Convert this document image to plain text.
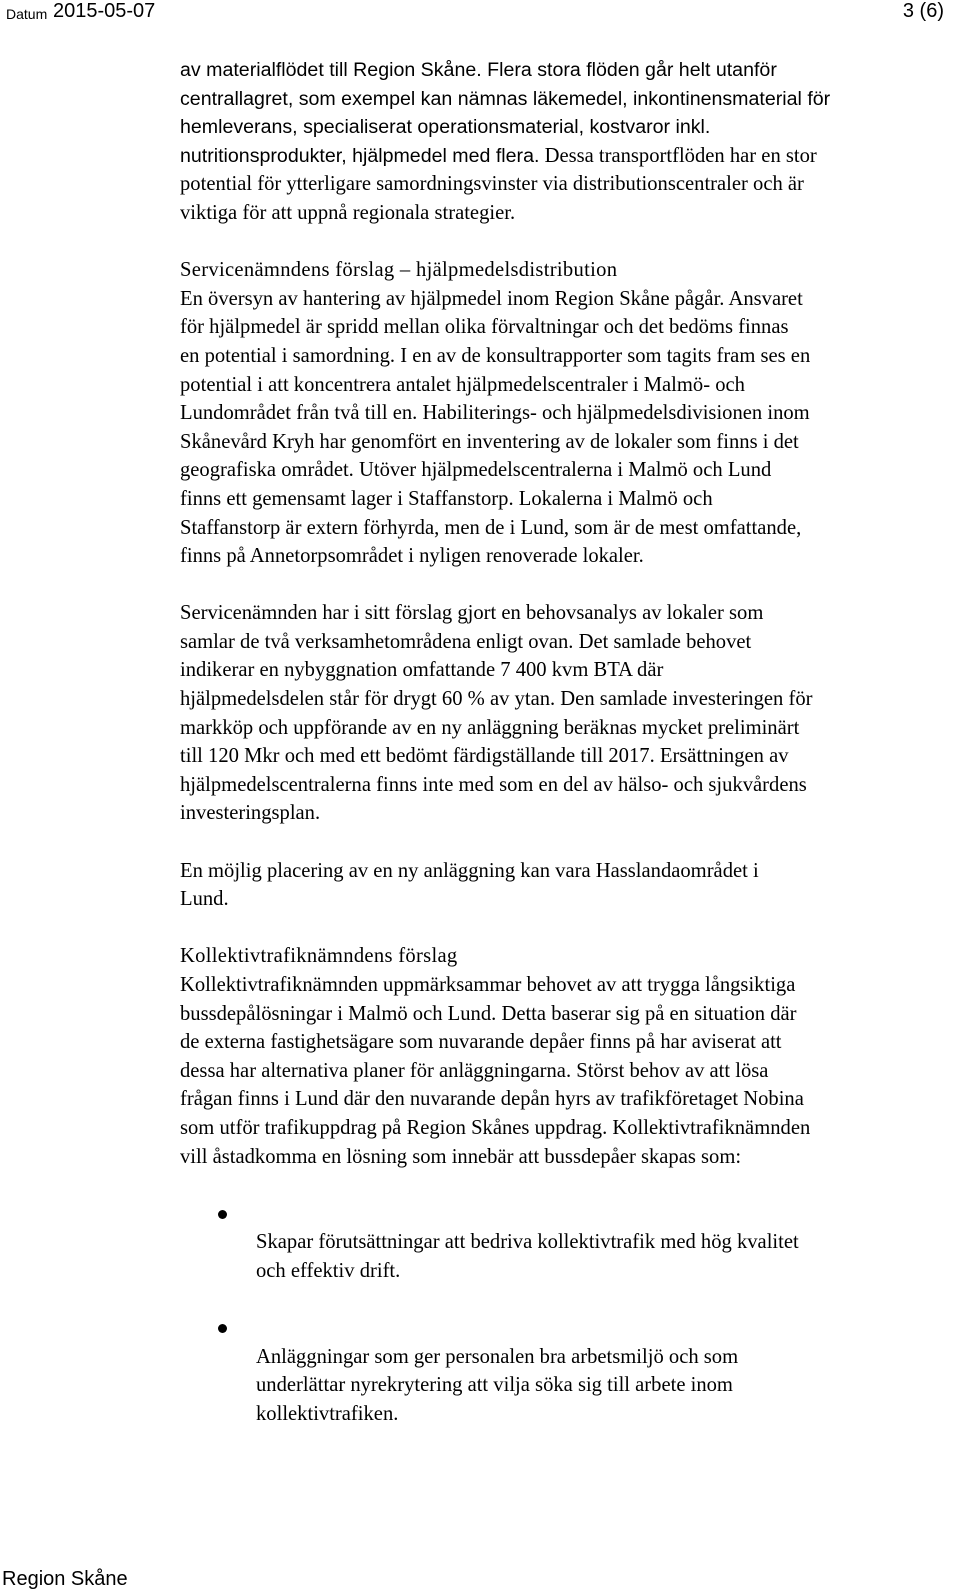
Datum 2015-05-07	3 (6)

av materialflödet till Region Skåne. Flera stora flöden går helt utanför
centrallagret, som exempel kan nämnas läkemedel, inkontinensmaterial för
hemleverans, specialiserat operationsmaterial, kostvaror inkl.
nutritionsprodukter, hjälpmedel med flera. Dessa transportflöden har en stor
potential för ytterligare samordningsvinster via distributionscentraler och är
viktiga för att uppnå regionala strategier.

Servicenämndens förslag – hjälpmedelsdistribution
En översyn av hantering av hjälpmedel inom Region Skåne pågår. Ansvaret
för hjälpmedel är spridd mellan olika förvaltningar och det bedöms finnas
en potential i samordning. I en av de konsultrapporter som tagits fram ses en
potential i att koncentrera antalet hjälpmedelscentraler i Malmö- och
Lundområdet från två till en. Habiliterings- och hjälpmedelsdivisionen inom
Skånevård Kryh har genomfört en inventering av de lokaler som finns i det
geografiska området. Utöver hjälpmedelscentralerna i Malmö och Lund
finns ett gemensamt lager i Staffanstorp. Lokalerna i Malmö och
Staffanstorp är extern förhyrda, men de i Lund, som är de mest omfattande,
finns på Annetorpsområdet i nyligen renoverade lokaler.

Servicenämnden har i sitt förslag gjort en behovsanalys av lokaler som
samlar de två verksamhetområdena enligt ovan. Det samlade behovet
indikerar en nybyggnation omfattande 7 400 kvm BTA där
hjälpmedelsdelen står för drygt 60 % av ytan. Den samlade investeringen för
markköp och uppförande av en ny anläggning beräknas mycket preliminärt
till 120 Mkr och med ett bedömt färdigställande till 2017. Ersättningen av
hjälpmedelscentralerna finns inte med som en del av hälso- och sjukvårdens
investeringsplan.

En möjlig placering av en ny anläggning kan vara Hasslandaområdet i
Lund.

Kollektivtrafiknämndens förslag
Kollektivtrafiknämnden uppmärksammar behovet av att trygga långsiktiga
bussdepålösningar i Malmö och Lund. Detta baserar sig på en situation där
de externa fastighetsägare som nuvarande depåer finns på har aviserat att
dessa har alternativa planer för anläggningarna. Störst behov av att lösa
frågan finns i Lund där den nuvarande depån hyrs av trafikföretaget Nobina
som utför trafikuppdrag på Region Skånes uppdrag. Kollektivtrafiknämnden
vill åstadkomma en lösning som innebär att bussdepåer skapas som:

Skapar förutsättningar att bedriva kollektivtrafik med hög kvalitet
och effektiv drift.

Anläggningar som ger personalen bra arbetsmiljö och som
underlättar nyrekrytering att vilja söka sig till arbete inom
kollektivtrafiken.

Region Skåne
